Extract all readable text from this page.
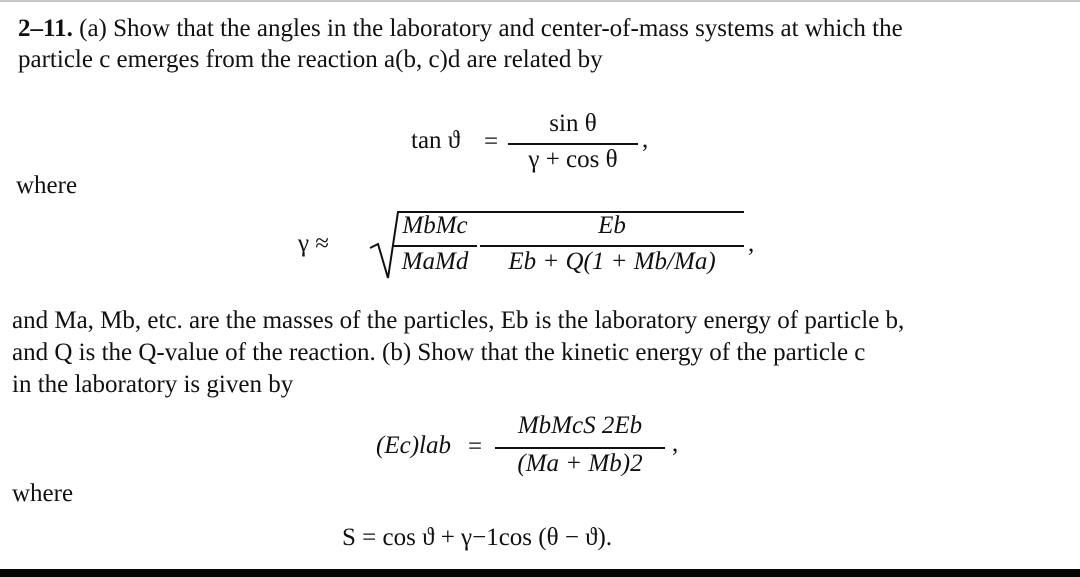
2–11. (a) Show that the angles in the laboratory and center-of-mass systems at which the
particle c emerges from the reaction a(b, c)d are related by
tan ϑ =
sin θ
γ + cos θ
,
where
γ ≈
MbMc
MaMd
Eb
Eb + Q(1 + Mb/Ma)
,
and Ma, Mb, etc. are the masses of the particles, Eb is the laboratory energy of particle b,
and Q is the Q-value of the reaction. (b) Show that the kinetic energy of the particle c
in the laboratory is given by
(Ec)lab =
MbMcS 2Eb
(Ma + Mb)2
,
where
S = cos ϑ + γ−1cos (θ − ϑ).
